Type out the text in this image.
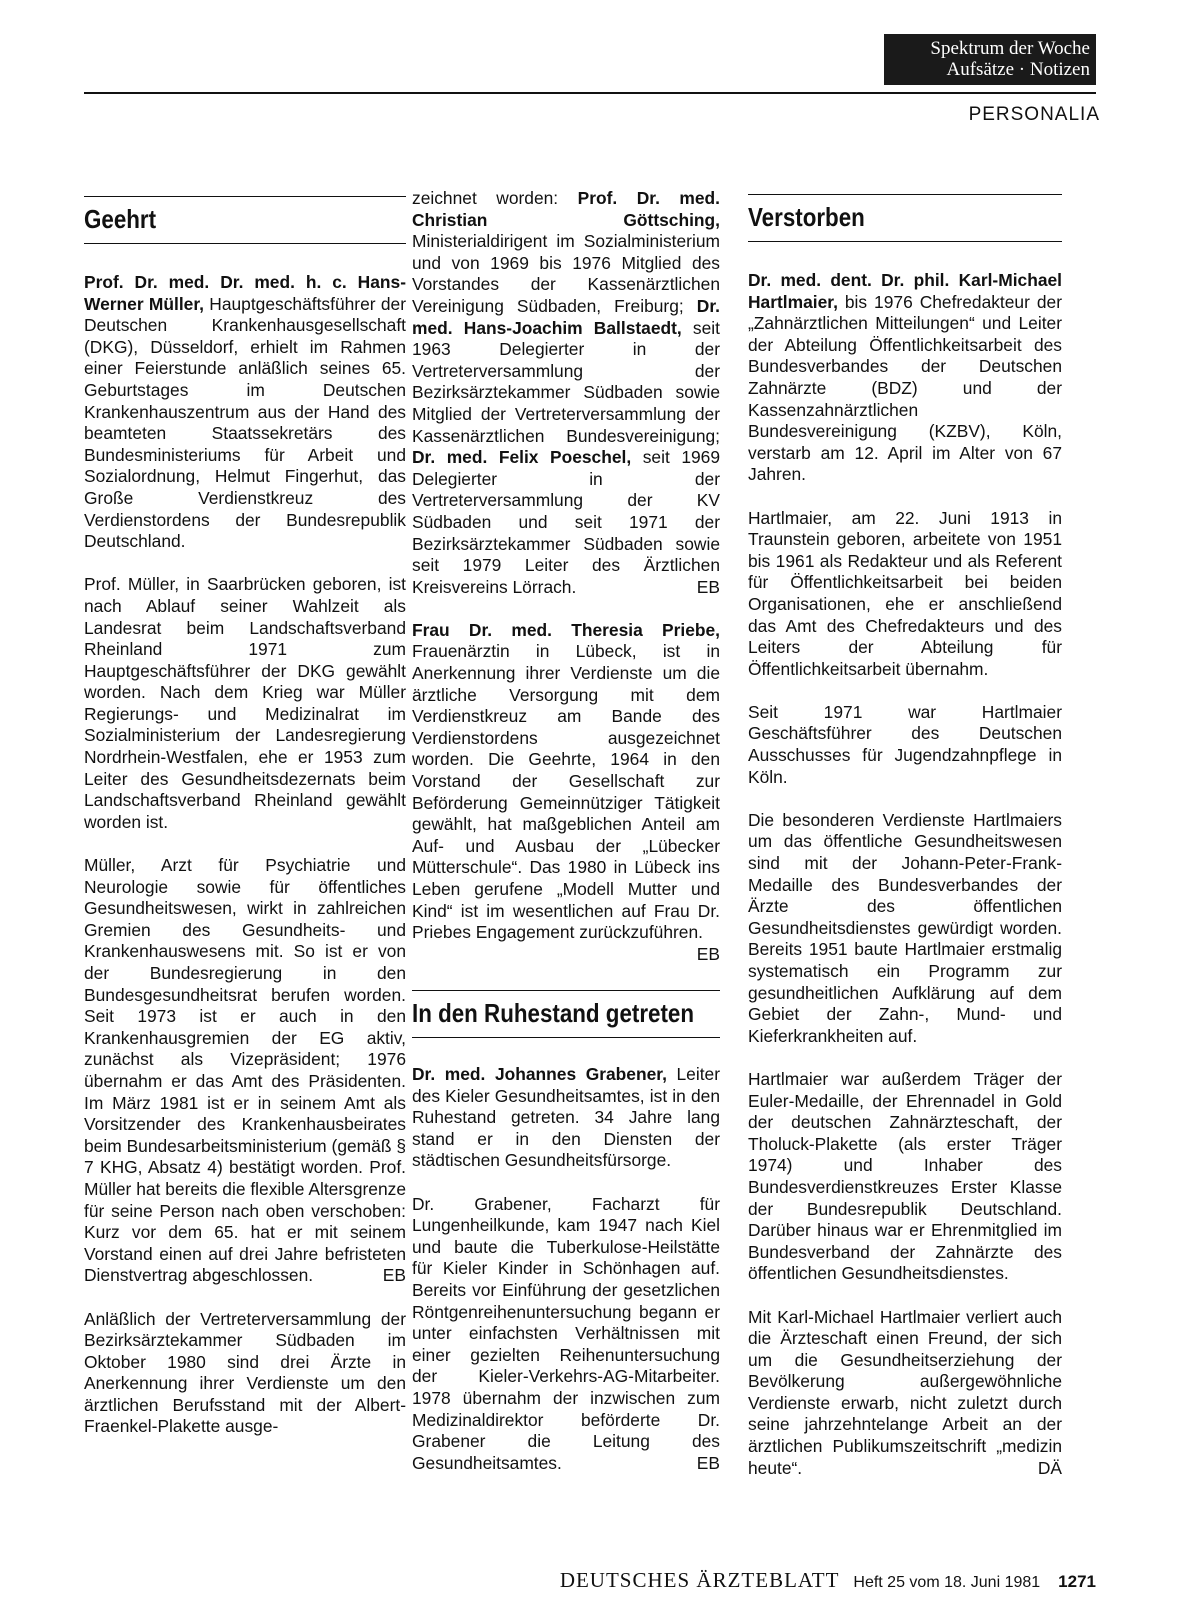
Spektrum der Woche
Aufsätze · Notizen
PERSONALIA
Geehrt

Prof. Dr. med. Dr. med. h. c. Hans-Werner Müller, Hauptgeschäftsführer der Deutschen Krankenhausgesellschaft (DKG), Düsseldorf, erhielt im Rahmen einer Feierstunde anläßlich seines 65. Geburtstages im Deutschen Krankenhauszentrum aus der Hand des beamteten Staatssekretärs des Bundesministeriums für Arbeit und Sozialordnung, Helmut Fingerhut, das Große Verdienstkreuz des Verdienstordens der Bundesrepublik Deutschland.

Prof. Müller, in Saarbrücken geboren, ist nach Ablauf seiner Wahlzeit als Landesrat beim Landschaftsverband Rheinland 1971 zum Hauptgeschäftsführer der DKG gewählt worden. Nach dem Krieg war Müller Regierungs- und Medizinalrat im Sozialministerium der Landesregierung Nordrhein-Westfalen, ehe er 1953 zum Leiter des Gesundheitsdezernats beim Landschaftsverband Rheinland gewählt worden ist.

Müller, Arzt für Psychiatrie und Neurologie sowie für öffentliches Gesundheitswesen, wirkt in zahlreichen Gremien des Gesundheits- und Krankenhauswesens mit. So ist er von der Bundesregierung in den Bundesgesundheitsrat berufen worden. Seit 1973 ist er auch in den Krankenhausgremien der EG aktiv, zunächst als Vizepräsident; 1976 übernahm er das Amt des Präsidenten. Im März 1981 ist er in seinem Amt als Vorsitzender des Krankenhausbeirates beim Bundesarbeitsministerium (gemäß § 7 KHG, Absatz 4) bestätigt worden. Prof. Müller hat bereits die flexible Altersgrenze für seine Person nach oben verschoben: Kurz vor dem 65. hat er mit seinem Vorstand einen auf drei Jahre befristeten Dienstvertrag abgeschlossen.	EB

Anläßlich der Vertreterversammlung der Bezirksärztekammer Südbaden im Oktober 1980 sind drei Ärzte in Anerkennung ihrer Verdienste um den ärztlichen Berufsstand mit der Albert-Fraenkel-Plakette ausge-

zeichnet worden: Prof. Dr. med. Christian Göttsching, Ministerialdirigent im Sozialministerium und von 1969 bis 1976 Mitglied des Vorstandes der Kassenärztlichen Vereinigung Südbaden, Freiburg; Dr. med. Hans-Joachim Ballstaedt, seit 1963 Delegierter in der Vertreterversammlung der Bezirksärztekammer Südbaden sowie Mitglied der Vertreterversammlung der Kassenärztlichen Bundesvereinigung; Dr. med. Felix Poeschel, seit 1969 Delegierter in der Vertreterversammlung der KV Südbaden und seit 1971 der Bezirksärztekammer Südbaden sowie seit 1979 Leiter des Ärztlichen Kreisvereins Lörrach.	EB

Frau Dr. med. Theresia Priebe, Frauenärztin in Lübeck, ist in Anerkennung ihrer Verdienste um die ärztliche Versorgung mit dem Verdienstkreuz am Bande des Verdienstordens ausgezeichnet worden. Die Geehrte, 1964 in den Vorstand der Gesellschaft zur Beförderung Gemeinnütziger Tätigkeit gewählt, hat maßgeblichen Anteil am Auf- und Ausbau der „Lübecker Mütterschule“. Das 1980 in Lübeck ins Leben gerufene „Modell Mutter und Kind“ ist im wesentlichen auf Frau Dr. Priebes Engagement zurückzuführen.
EB

In den Ruhestand getreten

Dr. med. Johannes Grabener, Leiter des Kieler Gesundheitsamtes, ist in den Ruhestand getreten. 34 Jahre lang stand er in den Diensten der städtischen Gesundheitsfürsorge.

Dr. Grabener, Facharzt für Lungenheilkunde, kam 1947 nach Kiel und baute die Tuberkulose-Heilstätte für Kieler Kinder in Schönhagen auf. Bereits vor Einführung der gesetzlichen Röntgenreihenuntersuchung begann er unter einfachsten Verhältnissen mit einer gezielten Reihenuntersuchung der Kieler-Verkehrs-AG-Mitarbeiter. 1978 übernahm der inzwischen zum Medizinaldirektor beförderte Dr. Grabener die Leitung des Gesundheitsamtes.	EB

Verstorben

Dr. med. dent. Dr. phil. Karl-Michael Hartlmaier, bis 1976 Chefredakteur der „Zahnärztlichen Mitteilungen“ und Leiter der Abteilung Öffentlichkeitsarbeit des Bundesverbandes der Deutschen Zahnärzte (BDZ) und der Kassenzahnärztlichen Bundesvereinigung (KZBV), Köln, verstarb am 12. April im Alter von 67 Jahren.

Hartlmaier, am 22. Juni 1913 in Traunstein geboren, arbeitete von 1951 bis 1961 als Redakteur und als Referent für Öffentlichkeitsarbeit bei beiden Organisationen, ehe er anschließend das Amt des Chefredakteurs und des Leiters der Abteilung für Öffentlichkeitsarbeit übernahm.

Seit 1971 war Hartlmaier Geschäftsführer des Deutschen Ausschusses für Jugendzahnpflege in Köln.

Die besonderen Verdienste Hartlmaiers um das öffentliche Gesundheitswesen sind mit der Johann-Peter-Frank-Medaille des Bundesverbandes der Ärzte des öffentlichen Gesundheitsdienstes gewürdigt worden. Bereits 1951 baute Hartlmaier erstmalig systematisch ein Programm zur gesundheitlichen Aufklärung auf dem Gebiet der Zahn-, Mund- und Kieferkrankheiten auf.

Hartlmaier war außerdem Träger der Euler-Medaille, der Ehrennadel in Gold der deutschen Zahnärzteschaft, der Tholuck-Plakette (als erster Träger 1974) und Inhaber des Bundesverdienstkreuzes Erster Klasse der Bundesrepublik Deutschland. Darüber hinaus war er Ehrenmitglied im Bundesverband der Zahnärzte des öffentlichen Gesundheitsdienstes.

Mit Karl-Michael Hartlmaier verliert auch die Ärzteschaft einen Freund, der sich um die Gesundheitserziehung der Bevölkerung außergewöhnliche Verdienste erwarb, nicht zuletzt durch seine jahrzehntelange Arbeit an der ärztlichen Publikumszeitschrift „medizin heute“.	DÄ

DEUTSCHES ÄRZTEBLATT Heft 25 vom 18. Juni 1981 1271
